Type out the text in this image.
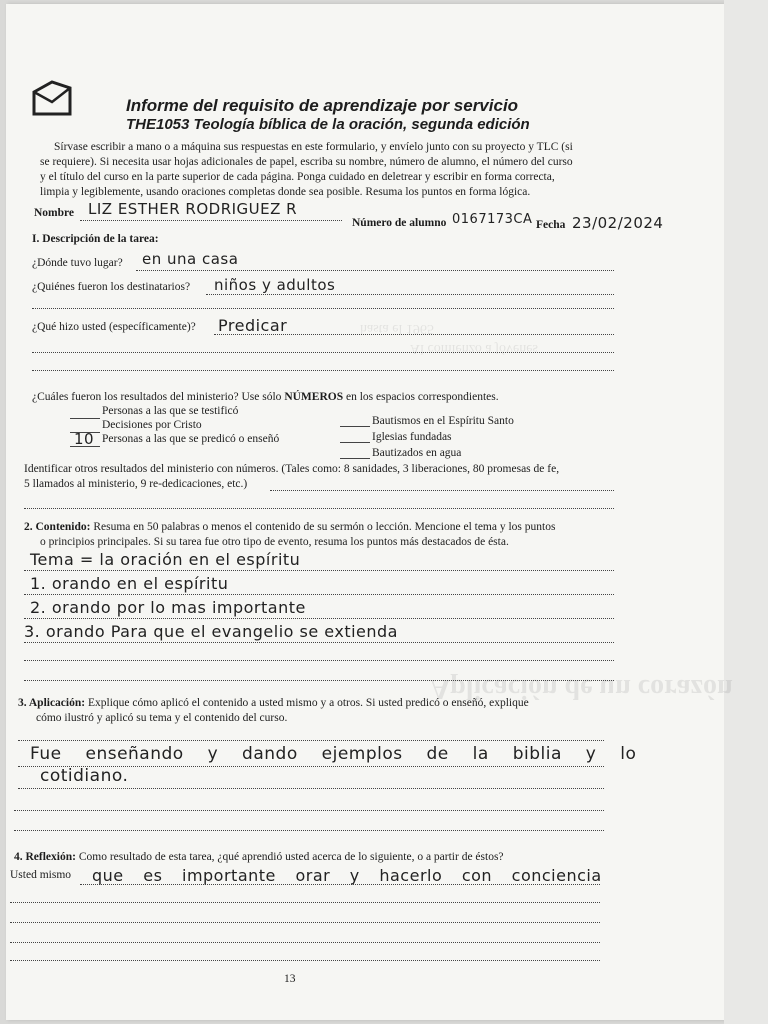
hasta el 1965
Al comienzo a jóvenes
Aplicación de un corazón
Informe del requisito de aprendizaje por servicio
THE1053 Teología bíblica de la oración, segunda edición
Sírvase escribir a mano o a máquina sus respuestas en este formulario, y envíelo junto con su proyecto y TLC (si
se requiere). Si necesita usar hojas adicionales de papel, escriba su nombre, número de alumno, el número del curso
y el título del curso en la parte superior de cada página. Ponga cuidado en deletrear y escribir en forma correcta,
limpia y legiblemente, usando oraciones completas donde sea posible. Resuma los puntos en forma lógica.
Nombre LIZ ESTHER RODRIGUEZ R
Número de alumno 0167173CA Fecha 23/02/2024
I. Descripción de la tarea:
¿Dónde tuvo lugar? en una casa
¿Quiénes fueron los destinatarios? niños y adultos
¿Qué hizo usted (específicamente)? Predicar
¿Cuáles fueron los resultados del ministerio? Use sólo NÚMEROS en los espacios correspondientes.
Personas a las que se testificó
Decisiones por Cristo
Personas a las que se predicó o enseñó
10
Bautismos en el Espíritu Santo
Iglesias fundadas
Bautizados en agua
Identificar otros resultados del ministerio con números. (Tales como: 8 sanidades, 3 liberaciones, 80 promesas de fe,
5 llamados al ministerio, 9 re-dedicaciones, etc.)
2. Contenido: Resuma en 50 palabras o menos el contenido de su sermón o lección. Mencione el tema y los puntos
o principios principales. Si su tarea fue otro tipo de evento, resuma los puntos más destacados de ésta.
Tema = la oración en el espíritu
1. orando en el espíritu
2. orando por lo mas importante
3. orando Para que el evangelio se extienda
3. Aplicación: Explique cómo aplicó el contenido a usted mismo y a otros. Si usted predicó o enseñó, explique
cómo ilustró y aplicó su tema y el contenido del curso.
Fue enseñando y dando ejemplos de la biblia y lo
cotidiano.
4. Reflexión: Como resultado de esta tarea, ¿qué aprendió usted acerca de lo siguiente, o a partir de éstos?
Usted mismo que es importante orar y hacerlo con conciencia
13
